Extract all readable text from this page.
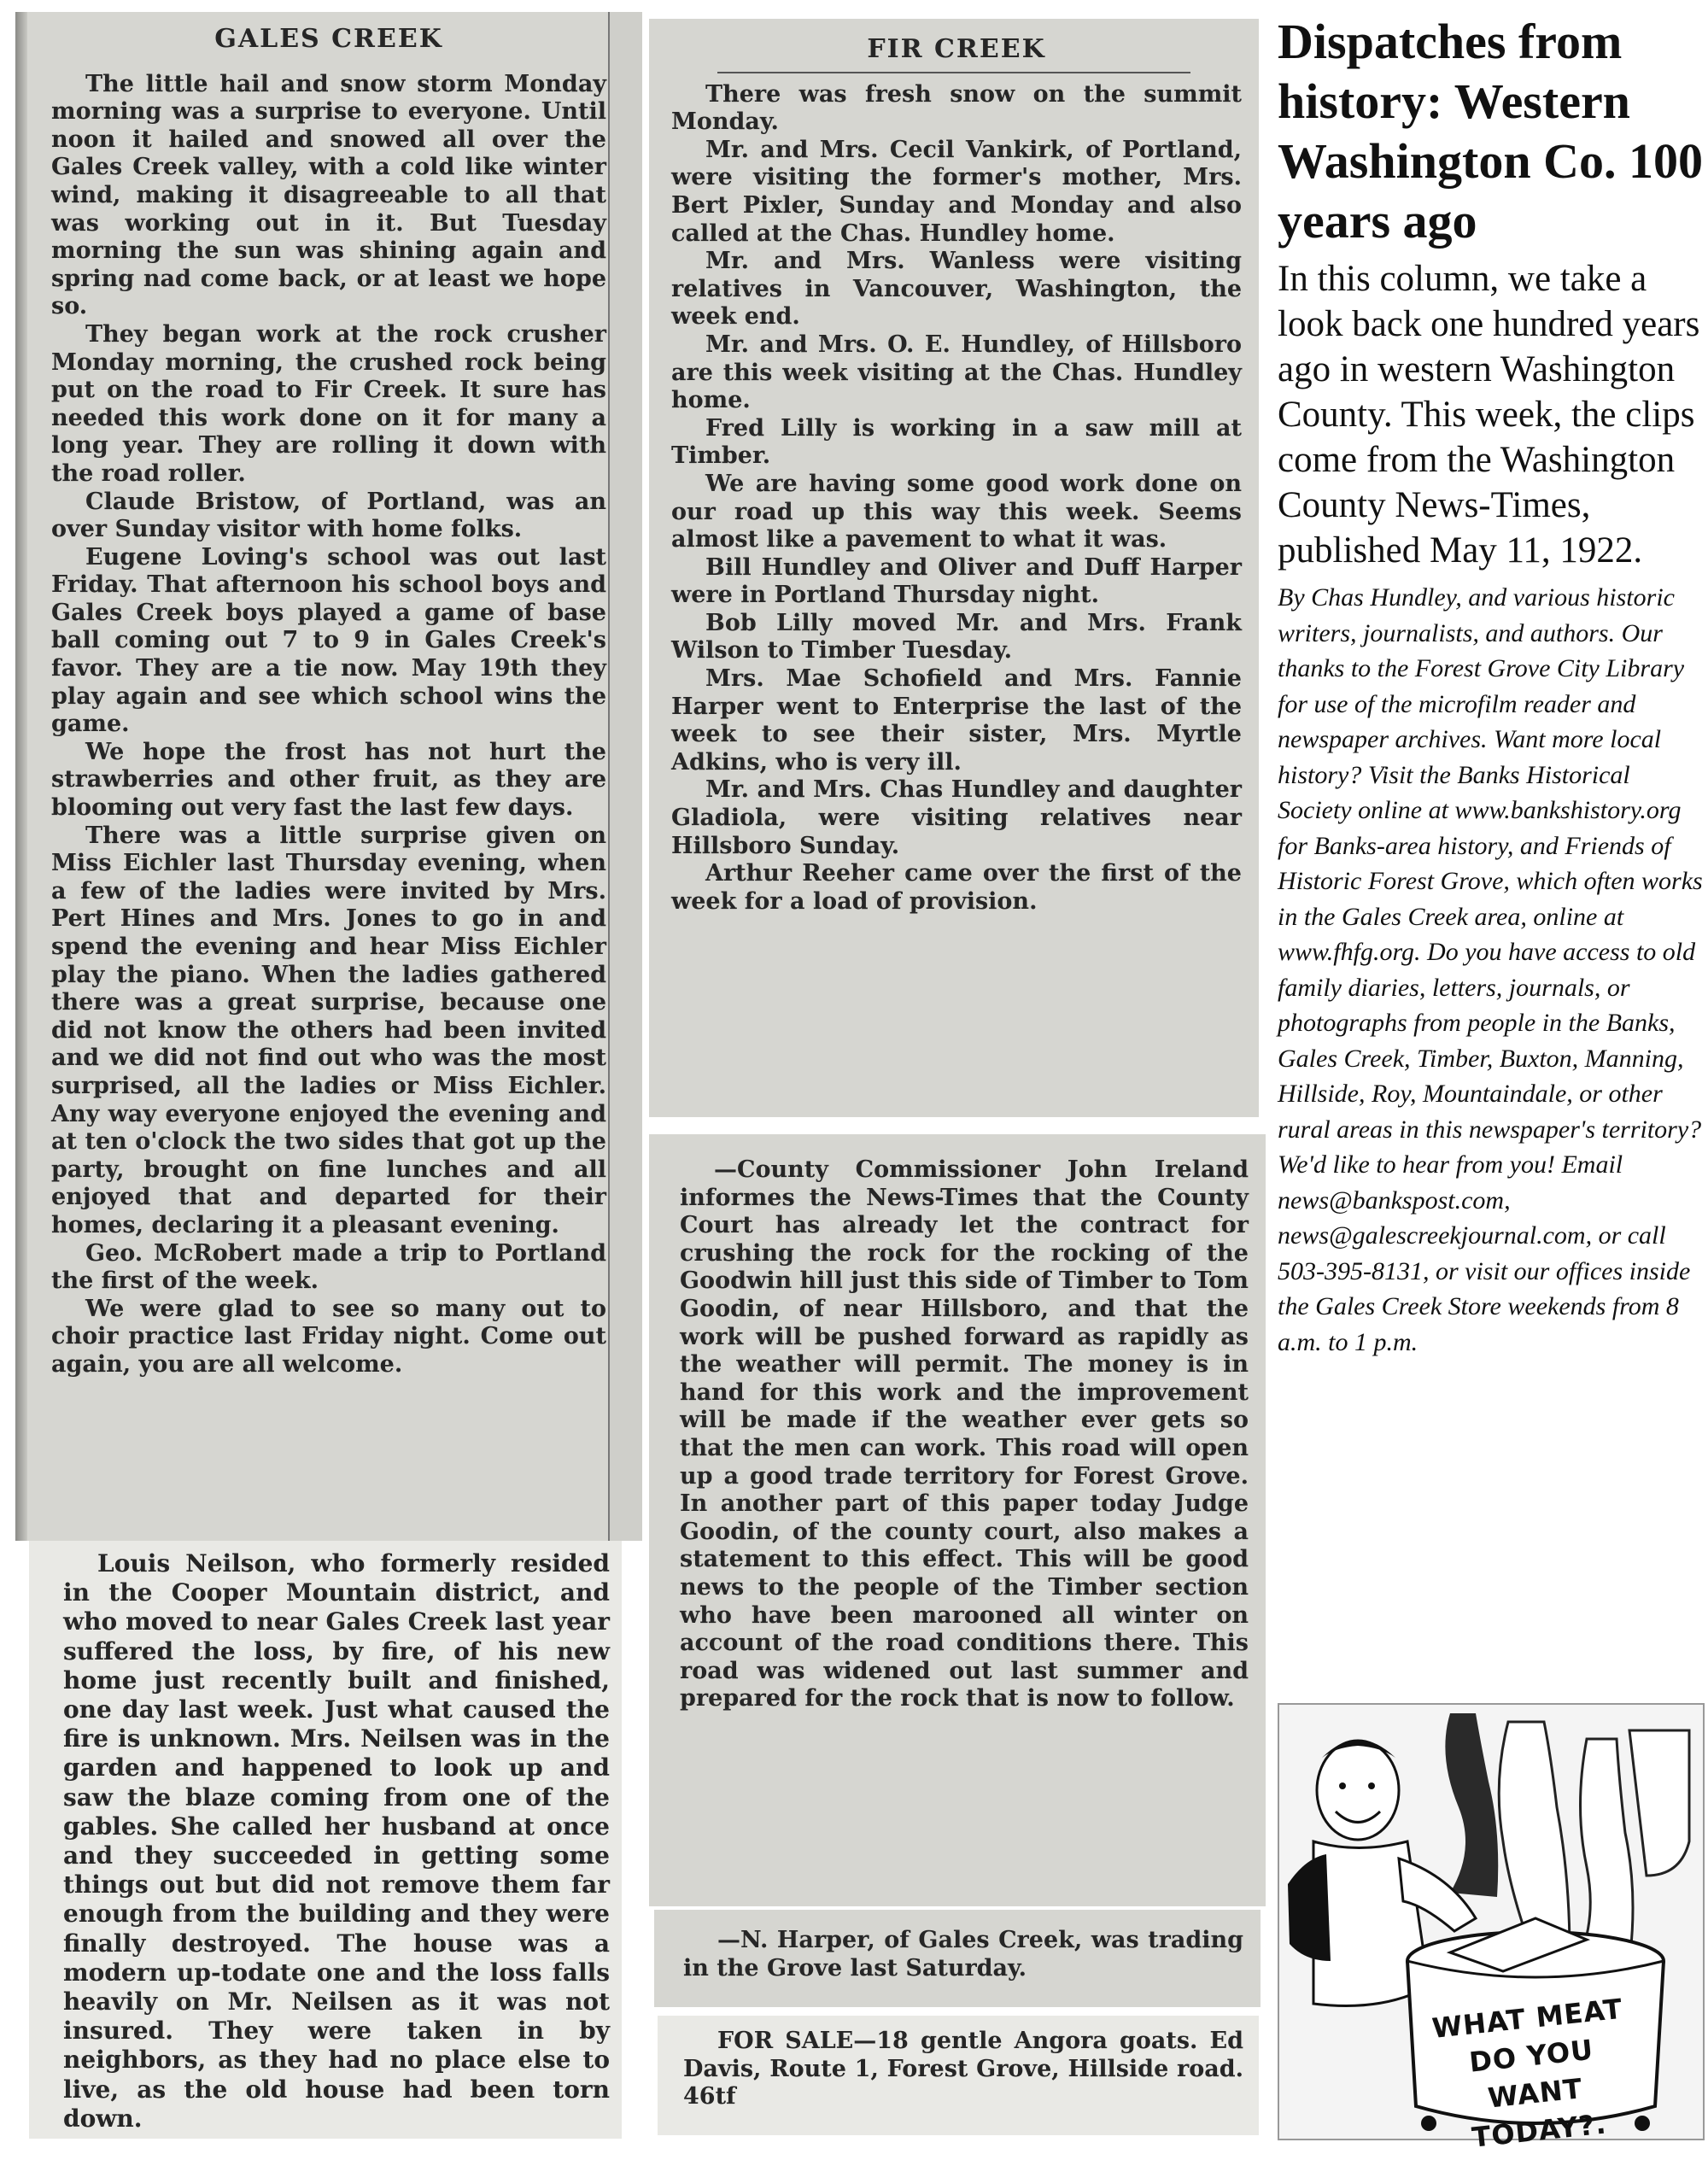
GALES CREEK

The little hail and snow storm Monday morning was a surprise to everyone. Until noon it hailed and snowed all over the Gales Creek valley, with a cold like winter wind, making it disagreeable to all that was working out in it. But Tuesday morning the sun was shining again and spring nad come back, or at least we hope so.

They began work at the rock crusher Monday morning, the crushed rock being put on the road to Fir Creek. It sure has needed this work done on it for many a long year. They are rolling it down with the road roller.

Claude Bristow, of Portland, was an over Sunday visitor with home folks.

Eugene Loving's school was out last Friday. That afternoon his school boys and Gales Creek boys played a game of base ball coming out 7 to 9 in Gales Creek's favor. They are a tie now. May 19th they play again and see which school wins the game.

We hope the frost has not hurt the strawberries and other fruit, as they are blooming out very fast the last few days.

There was a little surprise given on Miss Eichler last Thursday evening, when a few of the ladies were invited by Mrs. Pert Hines and Mrs. Jones to go in and spend the evening and hear Miss Eichler play the piano. When the ladies gathered there was a great surprise, because one did not know the others had been invited and we did not find out who was the most surprised, all the ladies or Miss Eichler. Any way everyone enjoyed the evening and at ten o'clock the two sides that got up the party, brought on fine lunches and all enjoyed that and departed for their homes, declaring it a pleasant evening.

Geo. McRobert made a trip to Portland the first of the week.

We were glad to see so many out to choir practice last Friday night. Come out again, you are all welcome.

Louis Neilson, who formerly resided in the Cooper Mountain district, and who moved to near Gales Creek last year suffered the loss, by fire, of his new home just recently built and finished, one day last week. Just what caused the fire is unknown. Mrs. Neilsen was in the garden and happened to look up and saw the blaze coming from one of the gables. She called her husband at once and they succeeded in getting some things out but did not remove them far enough from the building and they were finally destroyed. The house was a modern up-todate one and the loss falls heavily on Mr. Neilsen as it was not insured. They were taken in by neighbors, as they had no place else to live, as the old house had been torn down.

FIR CREEK

There was fresh snow on the summit Monday.

Mr. and Mrs. Cecil Vankirk, of Portland, were visiting the former's mother, Mrs. Bert Pixler, Sunday and Monday and also called at the Chas. Hundley home.

Mr. and Mrs. Wanless were visiting relatives in Vancouver, Washington, the week end.

Mr. and Mrs. O. E. Hundley, of Hillsboro are this week visiting at the Chas. Hundley home.

Fred Lilly is working in a saw mill at Timber.

We are having some good work done on our road up this way this week. Seems almost like a pavement to what it was.

Bill Hundley and Oliver and Duff Harper were in Portland Thursday night.

Bob Lilly moved Mr. and Mrs. Frank Wilson to Timber Tuesday.

Mrs. Mae Schofield and Mrs. Fannie Harper went to Enterprise the last of the week to see their sister, Mrs. Myrtle Adkins, who is very ill.

Mr. and Mrs. Chas Hundley and daughter Gladiola, were visiting relatives near Hillsboro Sunday.

Arthur Reeher came over the first of the week for a load of provision.

—County Commissioner John Ireland informes the News-Times that the County Court has already let the contract for crushing the rock for the rocking of the Goodwin hill just this side of Timber to Tom Goodin, of near Hillsboro, and that the work will be pushed forward as rapidly as the weather will permit. The money is in hand for this work and the improvement will be made if the weather ever gets so that the men can work. This road will open up a good trade territory for Forest Grove. In another part of this paper today Judge Goodin, of the county court, also makes a statement to this effect. This will be good news to the people of the Timber section who have been marooned all winter on account of the road conditions there. This road was widened out last summer and prepared for the rock that is now to follow.

—N. Harper, of Gales Creek, was trading in the Grove last Saturday.

FOR SALE—18 gentle Angora goats. Ed Davis, Route 1, Forest Grove, Hillside road. 46tf

Dispatches from history: Western Washington Co. 100 years ago

In this column, we take a look back one hundred years ago in western Washington County. This week, the clips come from the Washington County News-Times, published May 11, 1922.

By Chas Hundley, and various historic writers, journalists, and authors. Our thanks to the Forest Grove City Library for use of the microfilm reader and newspaper archives. Want more local history? Visit the Banks Historical Society online at www.bankshistory.org for Banks-area history, and Friends of Historic Forest Grove, which often works in the Gales Creek area, online at www.fhfg.org. Do you have access to old family diaries, letters, journals, or photographs from people in the Banks, Gales Creek, Timber, Buxton, Manning, Hillside, Roy, Mountaindale, or other rural areas in this newspaper's territory? We'd like to hear from you! Email news@bankspost.com, news@galescreekjournal.com, or call 503-395-8131, or visit our offices inside the Gales Creek Store weekends from 8 a.m. to 1 p.m.

WHAT MEAT DO YOU WANT TODAY?.
